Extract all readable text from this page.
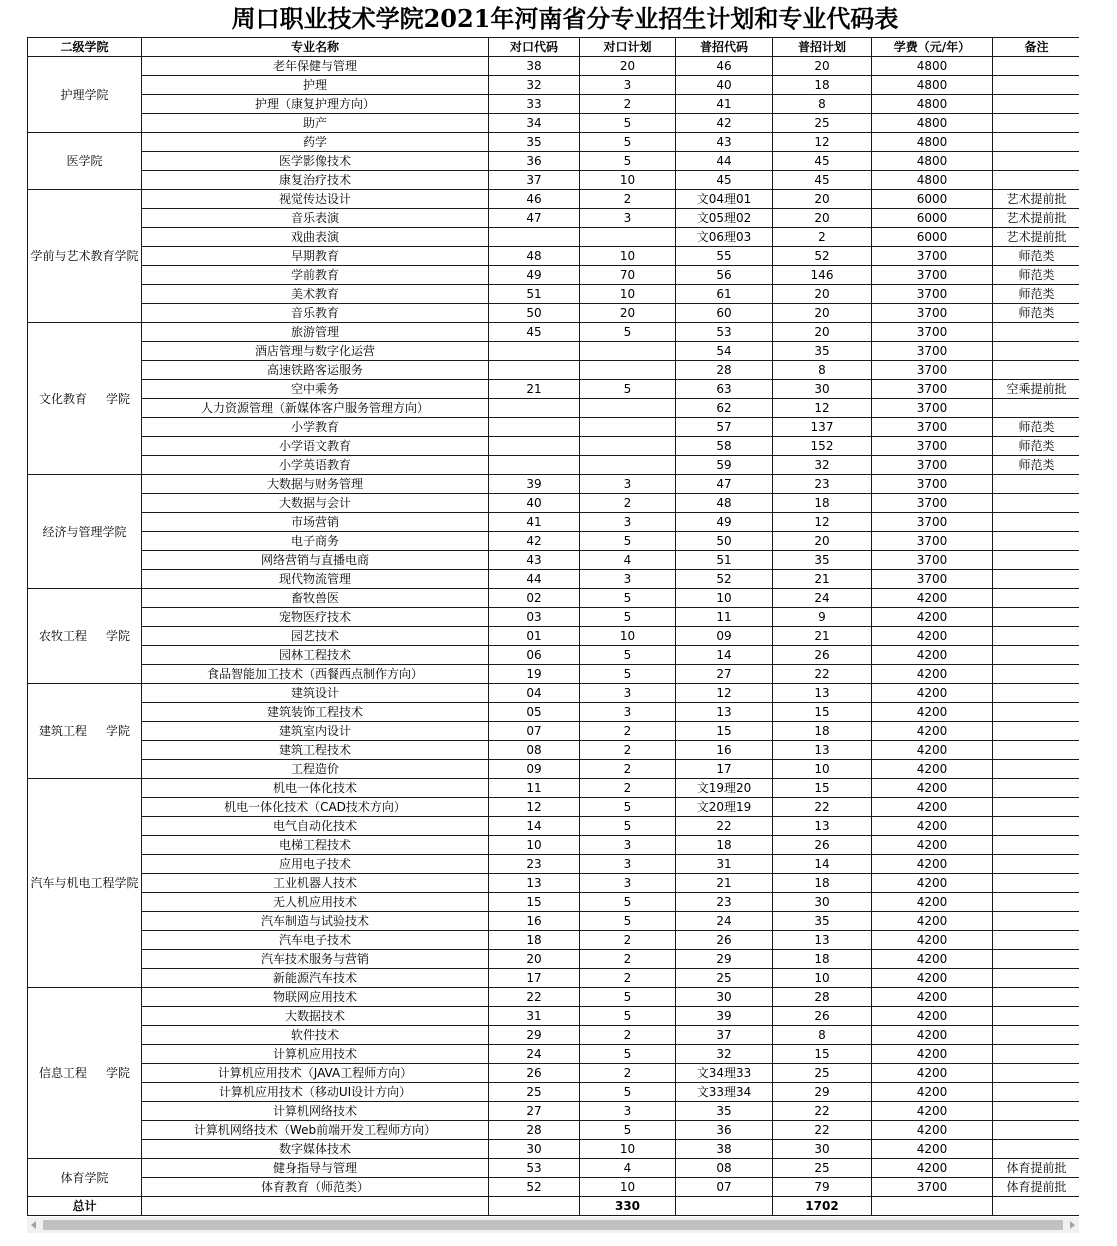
周口职业技术学院2021年河南省分专业招生计划和专业代码表
二级学院	专业名称	对口代码	对口计划	普招代码	普招计划	学费（元/年）	备注
护理学院	老年保健与管理	38	20	46	20	4800	
	护理	32	3	40	18	4800	
	护理（康复护理方向）	33	2	41	8	4800	
	助产	34	5	42	25	4800	
医学院	药学	35	5	43	12	4800	
	医学影像技术	36	5	44	45	4800	
	康复治疗技术	37	10	45	45	4800	
学前与艺术教育学院	视觉传达设计	46	2	文04理01	20	6000	艺术提前批
	音乐表演	47	3	文05理02	20	6000	艺术提前批
	戏曲表演			文06理03	2	6000	艺术提前批
	早期教育	48	10	55	52	3700	师范类
	学前教育	49	70	56	146	3700	师范类
	美术教育	51	10	61	20	3700	师范类
	音乐教育	50	20	60	20	3700	师范类
文化教育     学院	旅游管理	45	5	53	20	3700	
	酒店管理与数字化运营			54	35	3700	
	高速铁路客运服务			28	8	3700	
	空中乘务	21	5	63	30	3700	空乘提前批
	人力资源管理（新媒体客户服务管理方向）			62	12	3700	
	小学教育			57	137	3700	师范类
	小学语文教育			58	152	3700	师范类
	小学英语教育			59	32	3700	师范类
经济与管理学院	大数据与财务管理	39	3	47	23	3700	
	大数据与会计	40	2	48	18	3700	
	市场营销	41	3	49	12	3700	
	电子商务	42	5	50	20	3700	
	网络营销与直播电商	43	4	51	35	3700	
	现代物流管理	44	3	52	21	3700	
农牧工程     学院	畜牧兽医	02	5	10	24	4200	
	宠物医疗技术	03	5	11	9	4200	
	园艺技术	01	10	09	21	4200	
	园林工程技术	06	5	14	26	4200	
	食品智能加工技术（西餐西点制作方向）	19	5	27	22	4200	
建筑工程     学院	建筑设计	04	3	12	13	4200	
	建筑装饰工程技术	05	3	13	15	4200	
	建筑室内设计	07	2	15	18	4200	
	建筑工程技术	08	2	16	13	4200	
	工程造价	09	2	17	10	4200	
汽车与机电工程学院	机电一体化技术	11	2	文19理20	15	4200	
	机电一体化技术（CAD技术方向）	12	5	文20理19	22	4200	
	电气自动化技术	14	5	22	13	4200	
	电梯工程技术	10	3	18	26	4200	
	应用电子技术	23	3	31	14	4200	
	工业机器人技术	13	3	21	18	4200	
	无人机应用技术	15	5	23	30	4200	
	汽车制造与试验技术	16	5	24	35	4200	
	汽车电子技术	18	2	26	13	4200	
	汽车技术服务与营销	20	2	29	18	4200	
	新能源汽车技术	17	2	25	10	4200	
信息工程     学院	物联网应用技术	22	5	30	28	4200	
	大数据技术	31	5	39	26	4200	
	软件技术	29	2	37	8	4200	
	计算机应用技术	24	5	32	15	4200	
	计算机应用技术（JAVA工程师方向）	26	2	文34理33	25	4200	
	计算机应用技术（移动UI设计方向）	25	5	文33理34	29	4200	
	计算机网络技术	27	3	35	22	4200	
	计算机网络技术（Web前端开发工程师方向）	28	5	36	22	4200	
	数字媒体技术	30	10	38	30	4200	
体育学院	健身指导与管理	53	4	08	25	4200	体育提前批
	体育教育（师范类）	52	10	07	79	3700	体育提前批
总计			330		1702		
